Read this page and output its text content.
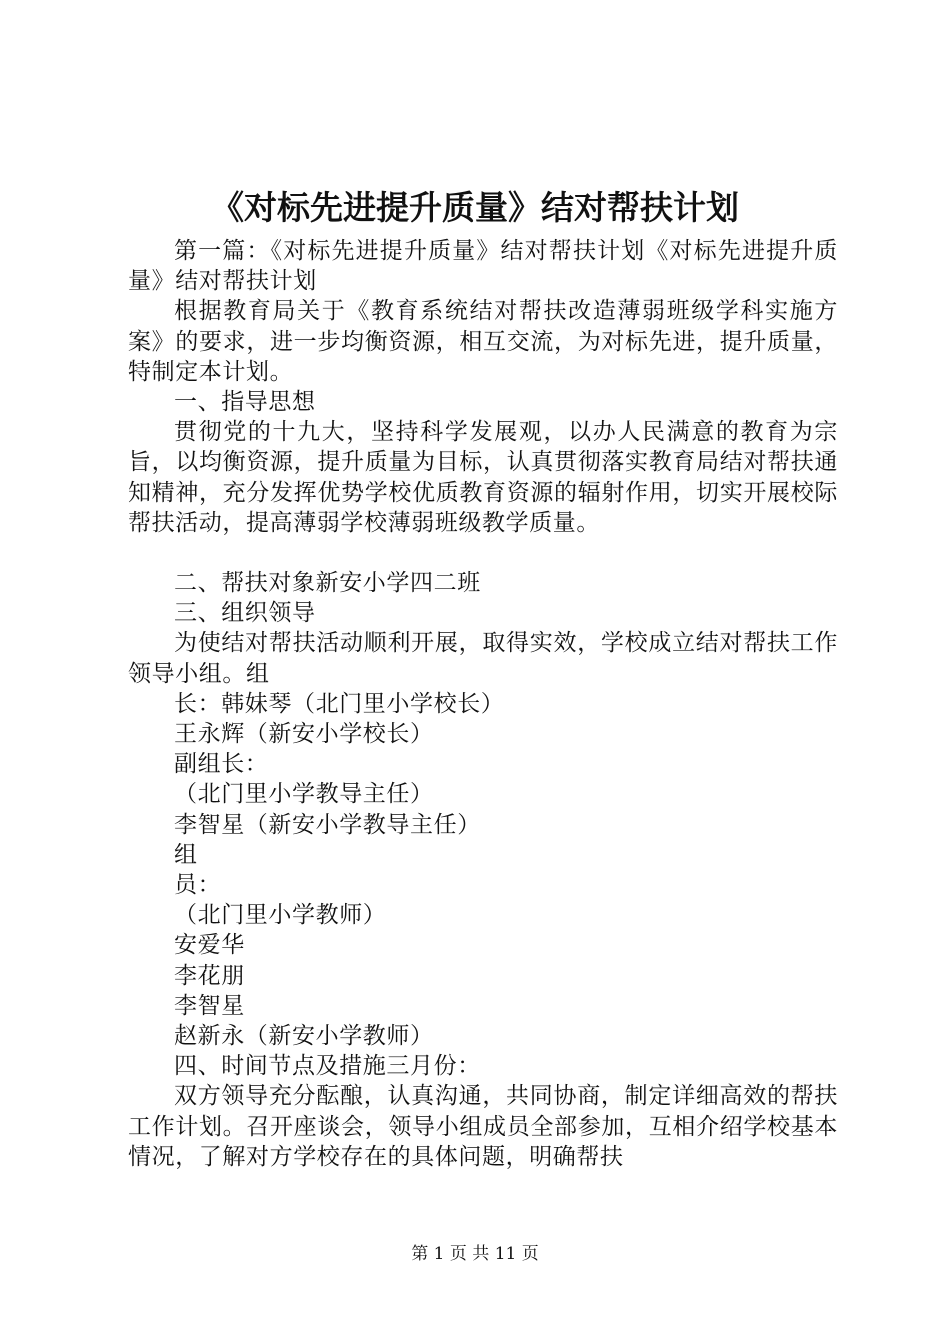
《对标先进提升质量》结对帮扶计划

第一篇：《对标先进提升质量》结对帮扶计划《对标先进提升质量》结对帮扶计划

根据教育局关于《教育系统结对帮扶改造薄弱班级学科实施方案》的要求，进一步均衡资源，相互交流，为对标先进，提升质量，特制定本计划。

一、指导思想

贯彻党的十九大，坚持科学发展观，以办人民满意的教育为宗旨，以均衡资源，提升质量为目标，认真贯彻落实教育局结对帮扶通知精神，充分发挥优势学校优质教育资源的辐射作用，切实开展校际帮扶活动，提高薄弱学校薄弱班级教学质量。

二、帮扶对象新安小学四二班

三、组织领导

为使结对帮扶活动顺利开展，取得实效，学校成立结对帮扶工作领导小组。组

长：韩妹琴（北门里小学校长）

王永辉（新安小学校长）

副组长：

（北门里小学教导主任）

李智星（新安小学教导主任）

组

员：

（北门里小学教师）

安爱华

李花朋

李智星

赵新永（新安小学教师）

四、时间节点及措施三月份：

双方领导充分酝酿，认真沟通，共同协商，制定详细高效的帮扶工作计划。召开座谈会，领导小组成员全部参加，互相介绍学校基本情况，了解对方学校存在的具体问题，明确帮扶

第 1 页 共 11 页
